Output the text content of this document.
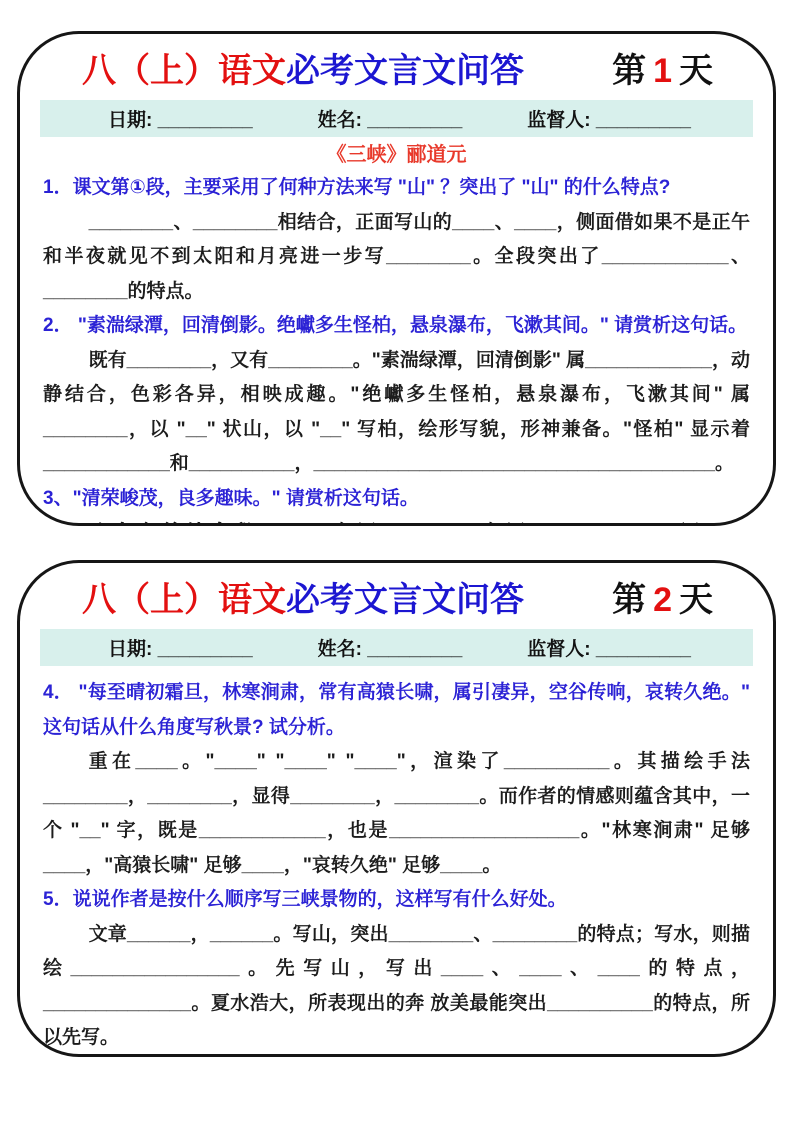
八（上）语文必考文言文问答	第 1 天
日期: _________	姓名: _________	监督人: _________
《三峡》郦道元

1．课文第①段，主要采用了何种方法来写 "山" ？突出了 "山" 的什么特点?

________、________相结合，正面写山的____、____，侧面借如果不是正午和半夜就见不到太阳和月亮进一步写________。全段突出了____________、________的特点。

2． "素湍绿潭，回清倒影。绝巘多生怪柏，悬泉瀑布，飞漱其间。" 请赏析这句话。

既有________，又有________。"素湍绿潭，回清倒影" 属____________，动静结合，色彩各异，相映成趣。"绝巘多生怪柏，悬泉瀑布，飞漱其间" 属________，以 "__" 状山，以 "__" 写柏，绘形写貌，形神兼备。"怪柏" 显示着____________和__________，______________________________________。

3、"清荣峻茂，良多趣味。" 请赏析这句话。

八（上）语文必考文言文问答	第 2 天
日期: _________	姓名: _________	监督人: _________

4． "每至晴初霜旦，林寒涧肃，常有高猿长啸，属引凄异，空谷传响，哀转久绝。" 这句话从什么角度写秋景? 试分析。

重在____。"____" "____" "____"，渲染了__________。其描绘手法________，________，显得________，________。而作者的情感则蕴含其中，一个 "__" 字，既是____________，也是__________________。"林寒涧肃" 足够____，"高猿长啸" 足够____，"哀转久绝" 足够____。

5．说说作者是按什么顺序写三峡景物的，这样写有什么好处。

文章______，______。写山，突出________、________的特点；写水，则描绘________________。先写山，写出____、____、____的特点，______________。夏水浩大，所表现出的奔 放美最能突出__________的特点，所以先写。
